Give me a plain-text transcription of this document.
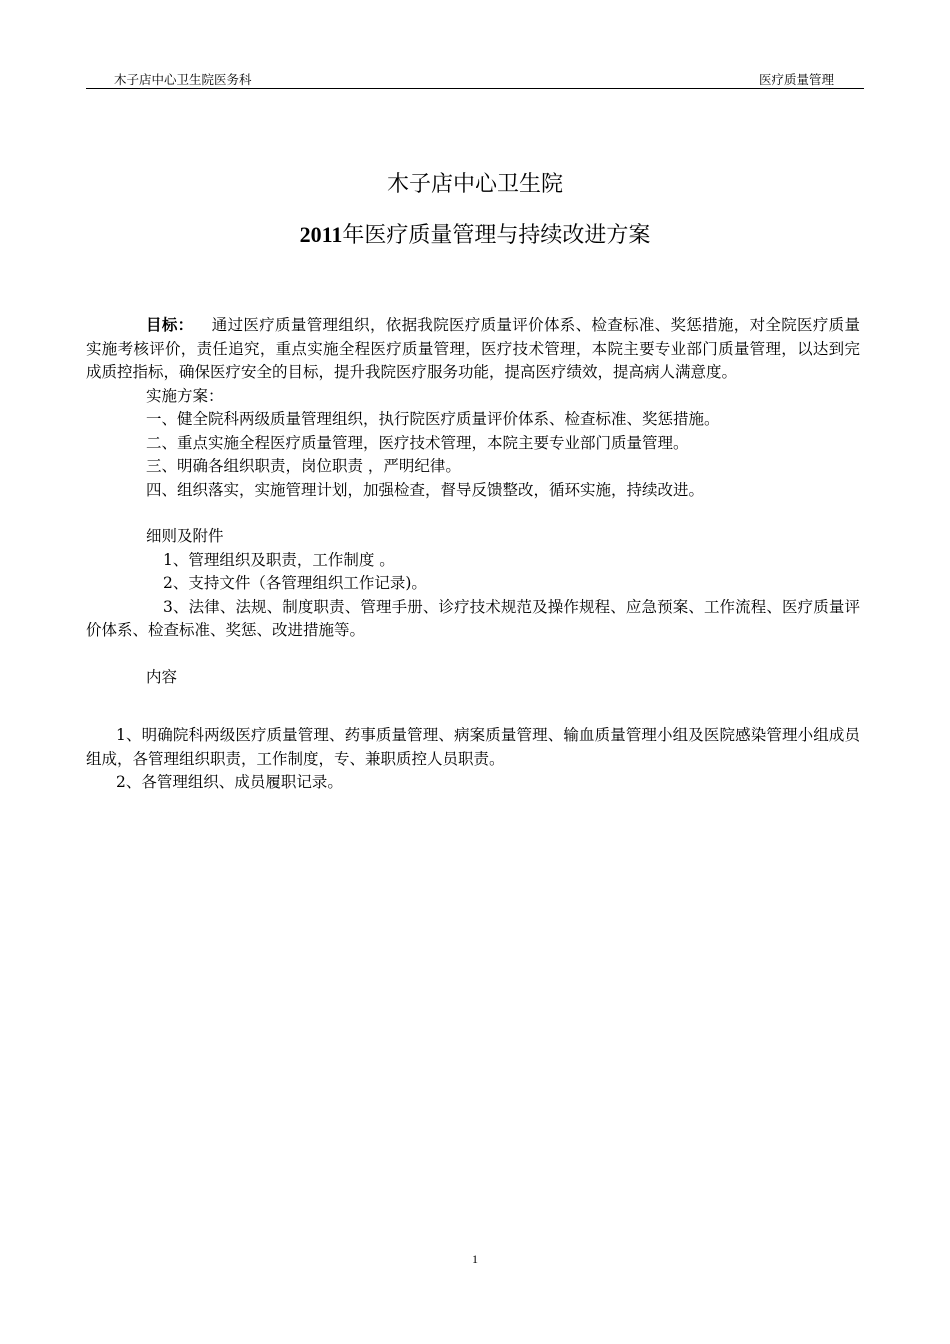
木子店中心卫生院医务科	医疗质量管理
木子店中心卫生院
2011年医疗质量管理与持续改进方案

目标： 通过医疗质量管理组织，依据我院医疗质量评价体系、检查标准、奖惩措施，对全院医疗质量实施考核评价，责任追究，重点实施全程医疗质量管理，医疗技术管理，本院主要专业部门质量管理，以达到完成质控指标，确保医疗安全的目标，提升我院医疗服务功能，提高医疗绩效，提高病人满意度。

实施方案：

一、健全院科两级质量管理组织，执行院医疗质量评价体系、检查标准、奖惩措施。

二、重点实施全程医疗质量管理，医疗技术管理，本院主要专业部门质量管理。

三、明确各组织职责，岗位职责 ，严明纪律。

四、组织落实，实施管理计划，加强检查，督导反馈整改，循环实施，持续改进。

细则及附件

1、管理组织及职责，工作制度 。

2、支持文件（各管理组织工作记录)。

3、法律、法规、制度职责、管理手册、诊疗技术规范及操作规程、应急预案、工作流程、医疗质量评价体系、检查标准、奖惩、改进措施等。

内容

1、明确院科两级医疗质量管理、药事质量管理、病案质量管理、输血质量管理小组及医院感染管理小组成员组成，各管理组织职责，工作制度，专、兼职质控人员职责。

2、各管理组织、成员履职记录。

1
